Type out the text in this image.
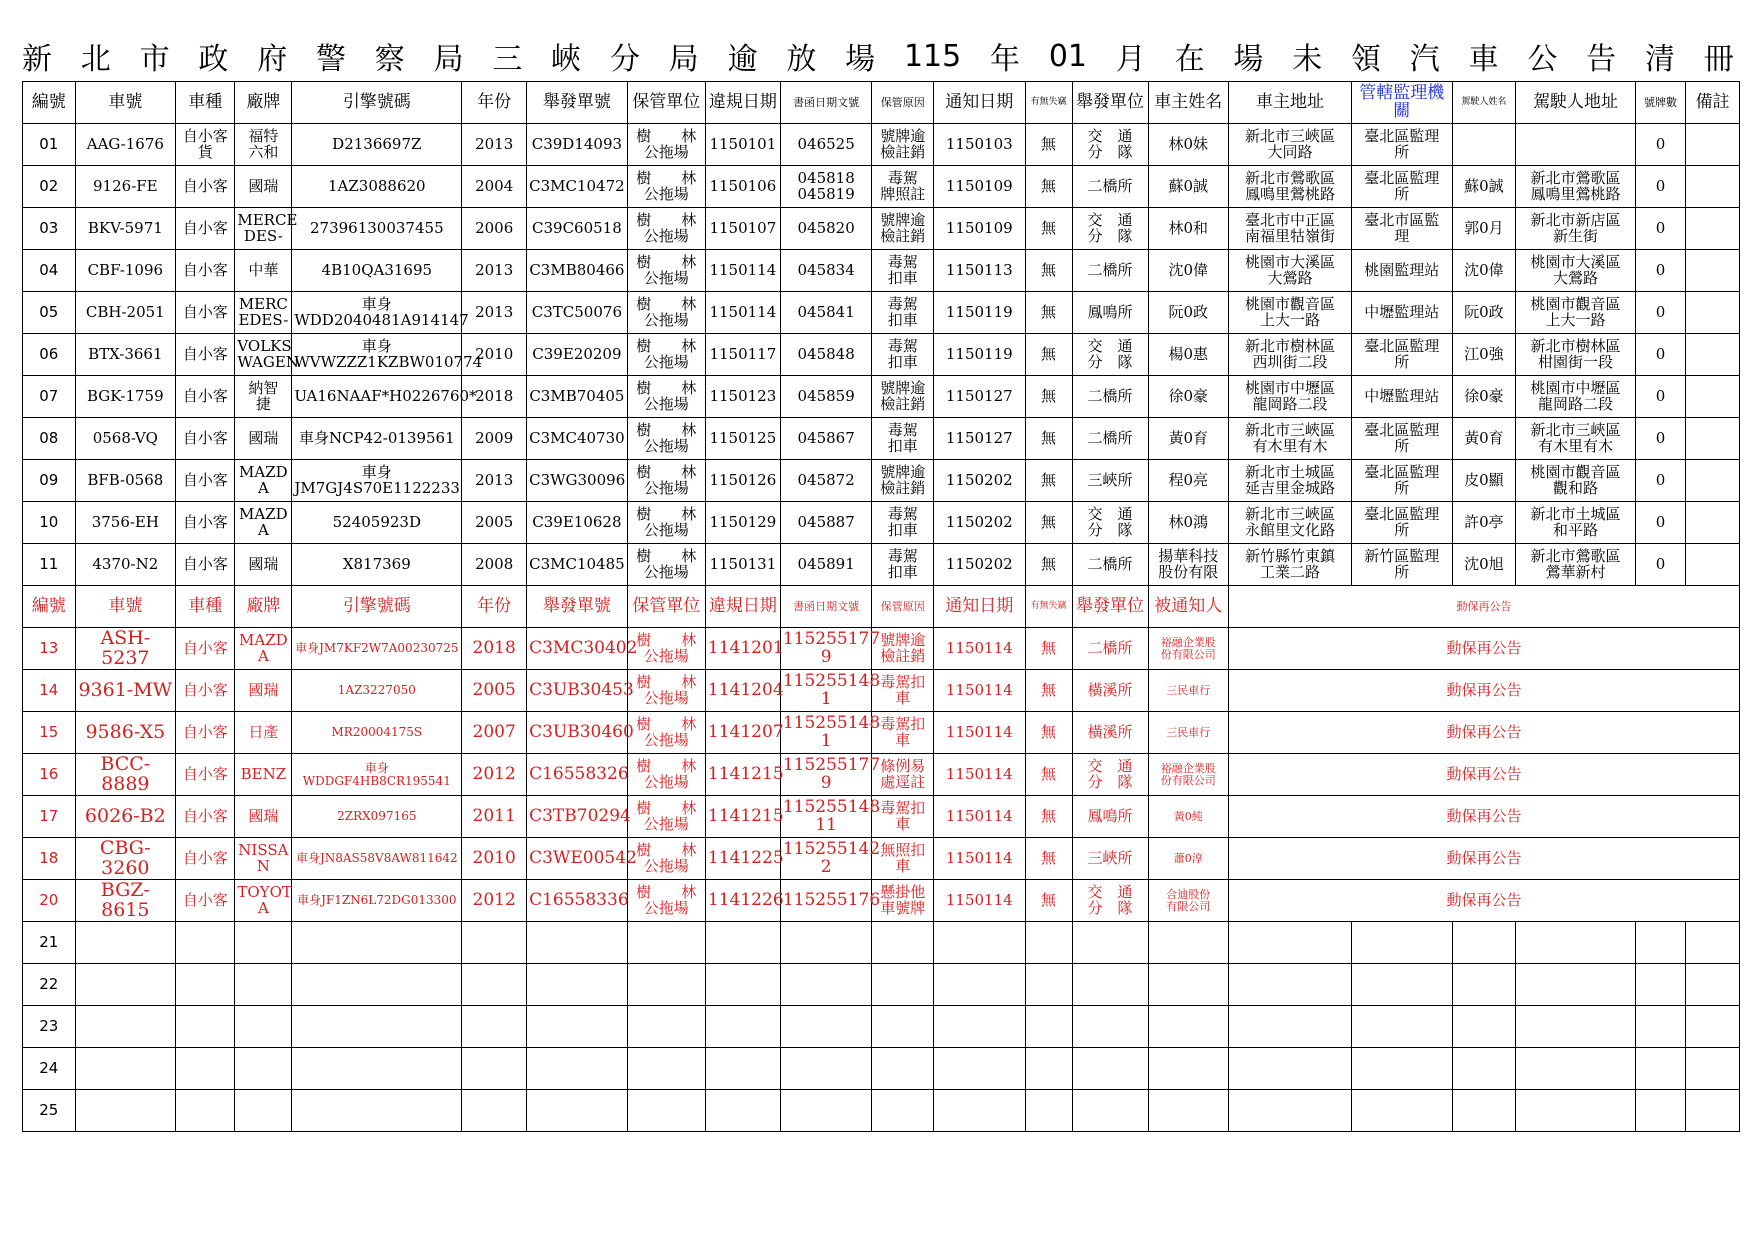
新 北 市 政 府 警 察 局 三 峽 分 局 逾 放 場 115 年 01 月 在 場 未 領 汽 車 公 告 清 冊
編號	車號	車種	廠牌	引擎號碼	年份	舉發單號	保管單位	違規日期	書函日期文號	保管原因	通知日期	有無失竊	舉發單位	車主姓名	車主地址	管轄監理機關	駕駛人姓名	駕駛人地址	號牌數	備註
01	AAG-1676	自小客貨	福特
六和	D2136697Z	2013	C39D14093	樹　　林
公拖場	1150101	046525	號牌逾
檢註銷	1150103	無	交　通
分　隊	林0妹	新北市三峽區
大同路	臺北區監理
所			0	
02	9126-FE	自小客	國瑞	1AZ3088620	2004	C3MC10472	樹　　林
公拖場	1150106	045818
045819	毒駕
牌照註	1150109	無	二橋所	蘇0誠	新北市鶯歌區
鳳鳴里鶯桃路	臺北區監理
所	蘇0誠	新北市鶯歌區
鳳鳴里鶯桃路	0	
03	BKV-5971	自小客	MERCE
DES-	27396130037455	2006	C39C60518	樹　　林
公拖場	1150107	045820	號牌逾
檢註銷	1150109	無	交　通
分　隊	林0和	臺北市中正區
南福里牯嶺街	臺北市區監
理	郭0月	新北市新店區
新生街	0	
04	CBF-1096	自小客	中華	4B10QA31695	2013	C3MB80466	樹　　林
公拖場	1150114	045834	毒駕
扣車	1150113	無	二橋所	沈0偉	桃園市大溪區
大鶯路	桃園監理站	沈0偉	桃園市大溪區
大鶯路	0	
05	CBH-2051	自小客	MERC
EDES-	車身
WDD2040481A914147	2013	C3TC50076	樹　　林
公拖場	1150114	045841	毒駕
扣車	1150119	無	鳳鳴所	阮0政	桃園市觀音區
上大一路	中壢監理站	阮0政	桃園市觀音區
上大一路	0	
06	BTX-3661	自小客	VOLKS
WAGEN	車身
WVWZZZ1KZBW010774	2010	C39E20209	樹　　林
公拖場	1150117	045848	毒駕
扣車	1150119	無	交　通
分　隊	楊0惠	新北市樹林區
西圳街二段	臺北區監理
所	江0強	新北市樹林區
柑園街一段	0	
07	BGK-1759	自小客	納智
捷	UA16NAAF*H0226760*	2018	C3MB70405	樹　　林
公拖場	1150123	045859	號牌逾
檢註銷	1150127	無	二橋所	徐0豪	桃園市中壢區
龍岡路二段	中壢監理站	徐0豪	桃園市中壢區
龍岡路二段	0	
08	0568-VQ	自小客	國瑞	車身NCP42-0139561	2009	C3MC40730	樹　　林
公拖場	1150125	045867	毒駕
扣車	1150127	無	二橋所	黃0育	新北市三峽區
有木里有木	臺北區監理
所	黃0育	新北市三峽區
有木里有木	0	
09	BFB-0568	自小客	MAZD
A	車身
JM7GJ4S70E1122233	2013	C3WG30096	樹　　林
公拖場	1150126	045872	號牌逾
檢註銷	1150202	無	三峽所	程0亮	新北市土城區
延吉里金城路	臺北區監理
所	皮0顯	桃園市觀音區
觀和路	0	
10	3756-EH	自小客	MAZD
A	52405923D	2005	C39E10628	樹　　林
公拖場	1150129	045887	毒駕
扣車	1150202	無	交　通
分　隊	林0鴻	新北市三峽區
永館里文化路	臺北區監理
所	許0亭	新北市土城區
和平路	0	
11	4370-N2	自小客	國瑞	X817369	2008	C3MC10485	樹　　林
公拖場	1150131	045891	毒駕
扣車	1150202	無	二橋所	揚華科技
股份有限	新竹縣竹東鎮
工業二路	新竹區監理
所	沈0旭	新北市鶯歌區
鶯華新村	0	
編號	車號	車種	廠牌	引擎號碼	年份	舉發單號	保管單位	違規日期	書函日期文號	保管原因	通知日期	有無失竊	舉發單位	被通知人	動保再公告					
13	ASH-5237	自小客	MAZD
A	車身JM7KF2W7A00230725	2018	C3MC30402	樹　　林
公拖場	1141201	115255177
9	號牌逾
檢註銷	1150114	無	二橋所	裕融企業股
份有限公司	動保再公告					
14	9361-MW	自小客	國瑞	1AZ3227050	2005	C3UB30453	樹　　林
公拖場	1141204	115255148
1	毒駕扣
車	1150114	無	橫溪所	三民車行	動保再公告					
15	9586-X5	自小客	日產	MR20004175S	2007	C3UB30460	樹　　林
公拖場	1141207	115255148
1	毒駕扣
車	1150114	無	橫溪所	三民車行	動保再公告					
16	BCC-8889	自小客	BENZ	車身WDDGF4HB8CR195541	2012	C16558326	樹　　林
公拖場	1141215	115255177
9	條例易
處逕註	1150114	無	交　通
分　隊	裕融企業股
份有限公司	動保再公告					
17	6026-B2	自小客	國瑞	2ZRX097165	2011	C3TB70294	樹　　林
公拖場	1141215	115255148
11	毒駕扣
車	1150114	無	鳳鳴所	黃0純	動保再公告					
18	CBG-3260	自小客	NISSA
N	車身JN8AS58V8AW811642	2010	C3WE00542	樹　　林
公拖場	1141225	115255142
2	無照扣
車	1150114	無	三峽所	蕭0淳	動保再公告					
20	BGZ-8615	自小客	TOYOT
A	車身JF1ZN6L72DG013300	2012	C16558336	樹　　林
公拖場	1141226	115255176	懸掛他
車號牌	1150114	無	交　通
分　隊	合迪股份
有限公司	動保再公告					
21																				
22																				
23																				
24																				
25																				
